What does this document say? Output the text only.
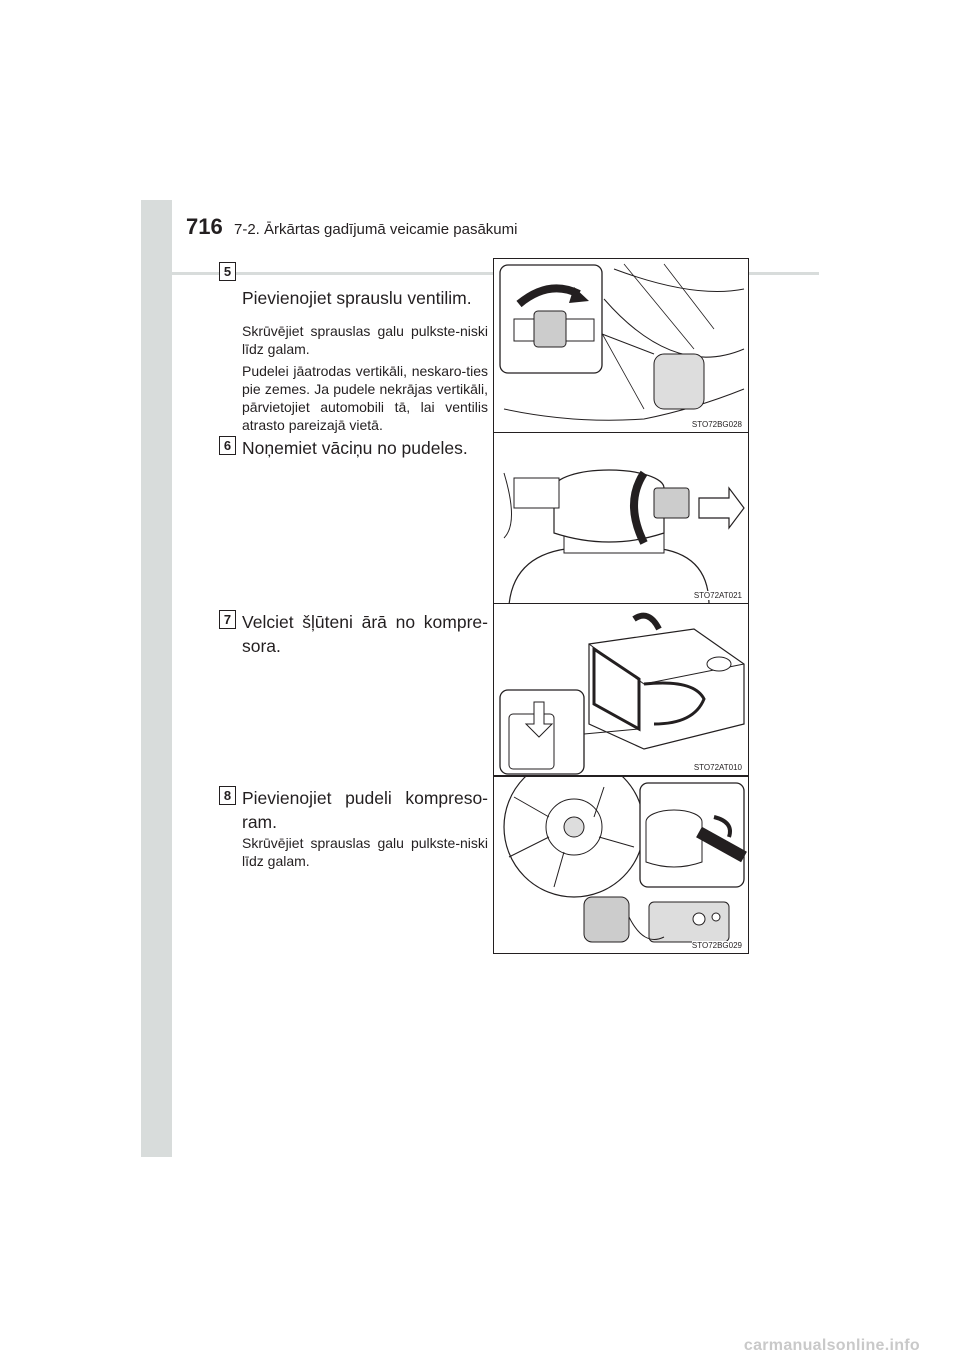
716 7-2. Ārkārtas gadījumā veicamie pasākumi
5
Pievienojiet sprauslu ventilim.
Skrūvējiet sprauslas galu pulkste-niski līdz galam.
Pudelei jāatrodas vertikāli, neskaro-ties pie zemes. Ja pudele nekrājas vertikāli, pārvietojiet automobili tā, lai ventilis atrasto pareizajā vietā.	STO72BG028
6 Noņemiet vāciņu no pudeles.
STO72AT021
7 Velciet šļūteni ārā no kompre-sora.
STO72AT010
8 Pievienojiet pudeli kompreso-ram.
Skrūvējiet sprauslas galu pulkste-niski līdz galam.
STO72BG029
carmanualsonline.info
